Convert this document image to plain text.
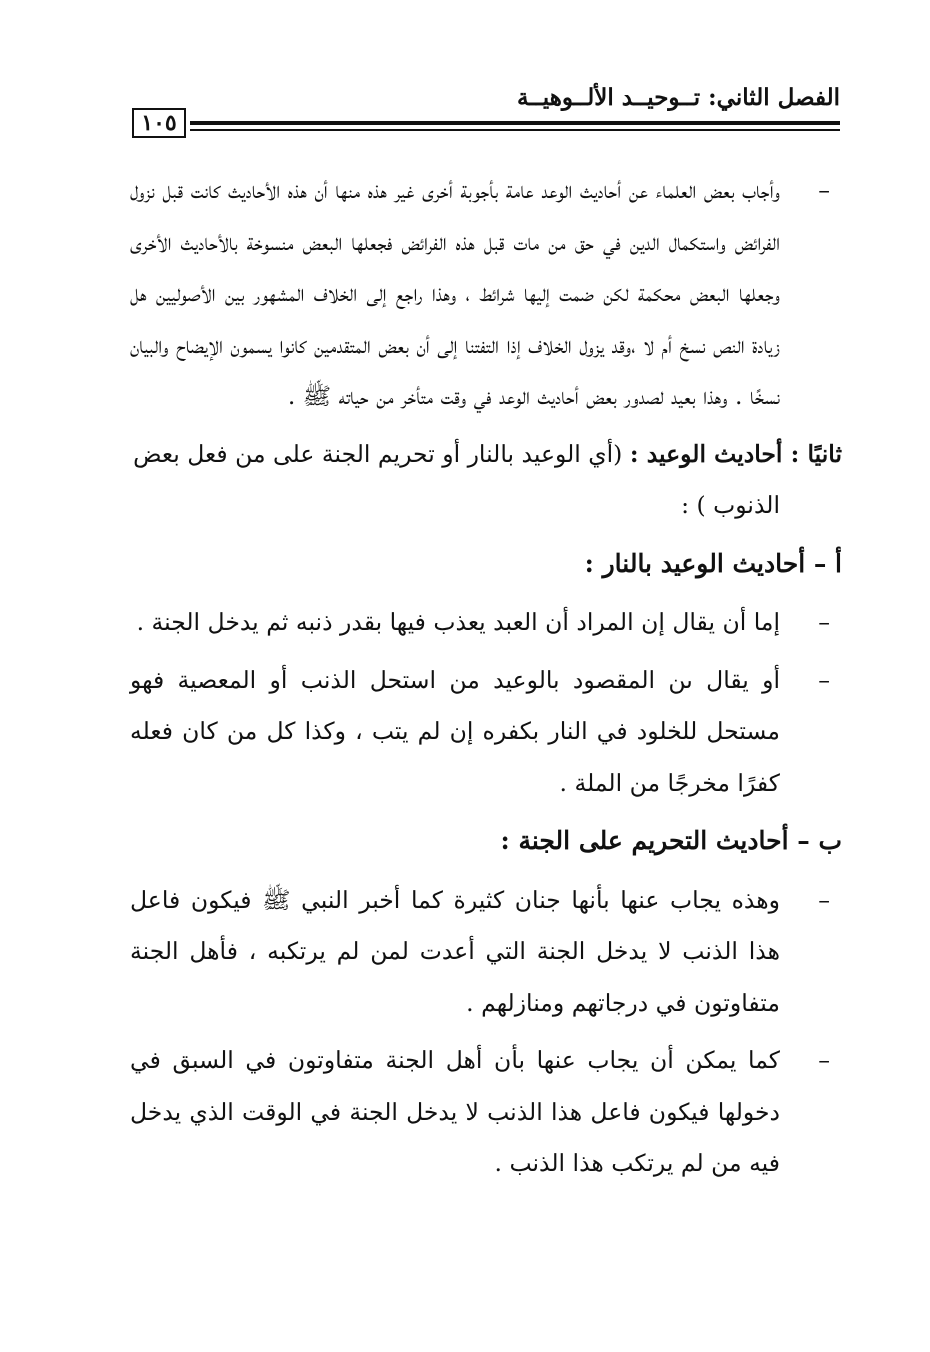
الفصل الثاني: تــوحيــد الألــوهيــة
١٠٥
–
وأجاب بعض العلماء عن أحاديث الوعد عامة بأجوبة أخرى غير هذه منها أن هذه الأحاديث كانت قبل نزول الفرائض واستكمال الدين في حق من مات قبل هذه الفرائض فجعلها البعض منسوخة بالأحاديث الأخرى وجعلها البعض محكمة لكن ضمت إليها شرائط ، وهذا راجع إلى الخلاف المشهور بين الأصوليين هل زيادة النص نسخ أم لا ،وقد يزول الخلاف إذا التفتنا إلى أن بعض المتقدمين كانوا يسمون الإيضاح والبيان نسخًا . وهذا بعيد لصدور بعض أحاديث الوعد في وقت متأخر من حياته ﷺ .
ثانيًا : أحاديث الوعيد : (أي الوعيد بالنار أو تحريم الجنة على من فعل بعض
الذنوب ) :
أ – أحاديث الوعيد بالنار :
–
إما أن يقال إن المراد أن العبد يعذب فيها بقدر ذنبه ثم يدخل الجنة .
–
أو يقال ىن المقصود بالوعيد من استحل الذنب أو المعصية فهو مستحل للخلود في النار بكفره إن لم يتب ، وكذا كل من كان فعله كفرًا مخرجًا من الملة .
ب – أحاديث التحريم على الجنة :
–
وهذه يجاب عنها بأنها جنان كثيرة كما أخبر النبي ﷺ فيكون فاعل هذا الذنب لا يدخل الجنة التي أعدت لمن لم يرتكبه ، فأهل الجنة متفاوتون في درجاتهم ومنازلهم .
–
كما يمكن أن يجاب عنها بأن أهل الجنة متفاوتون في السبق في دخولها فيكون فاعل هذا الذنب لا يدخل الجنة في الوقت الذي يدخل فيه من لم يرتكب هذا الذنب .
